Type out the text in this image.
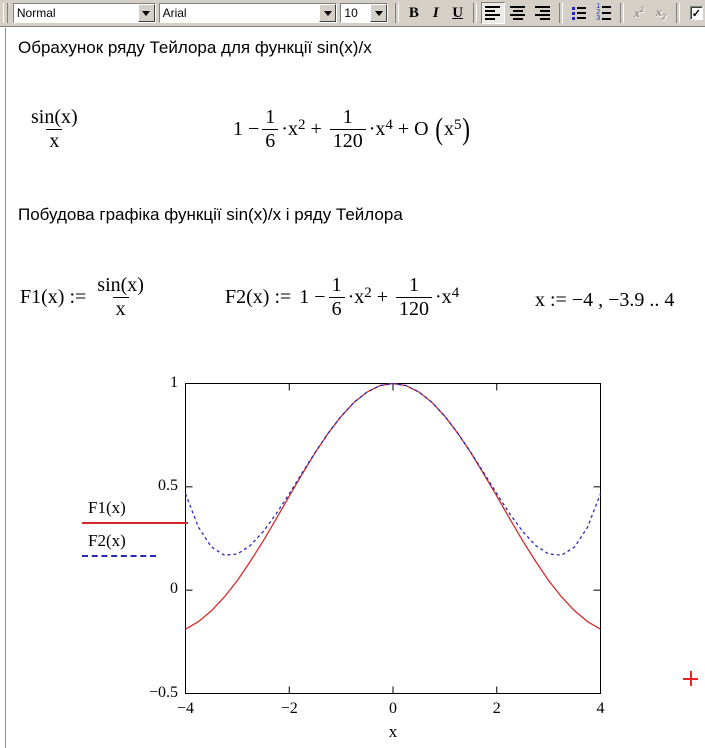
Normal	Arial	10	B I U	1
2
3	$x^2$ $x_2$ ✓
Обрахунок ряду Тейлора для функції sin(x)/x
$\frac{\sin(x)}{x}$	$1 - \frac{1}{6} \cdot x^2 + \frac{1}{120} \cdot x^4 + O$ ( $x^5$ )
Побудова графіка функції sin(x)/x і ряду Тейлора
F1(x) := $\frac{\sin(x)}{x}$	F2(x) := $1 - \frac{1}{6} \cdot x^2 + \frac{1}{120} \cdot x^4$	x := −4 , −3.9 .. 4
−0.5
0
0.5
1
−4	−2	0	2	4
x
F1(x)
F2(x)
